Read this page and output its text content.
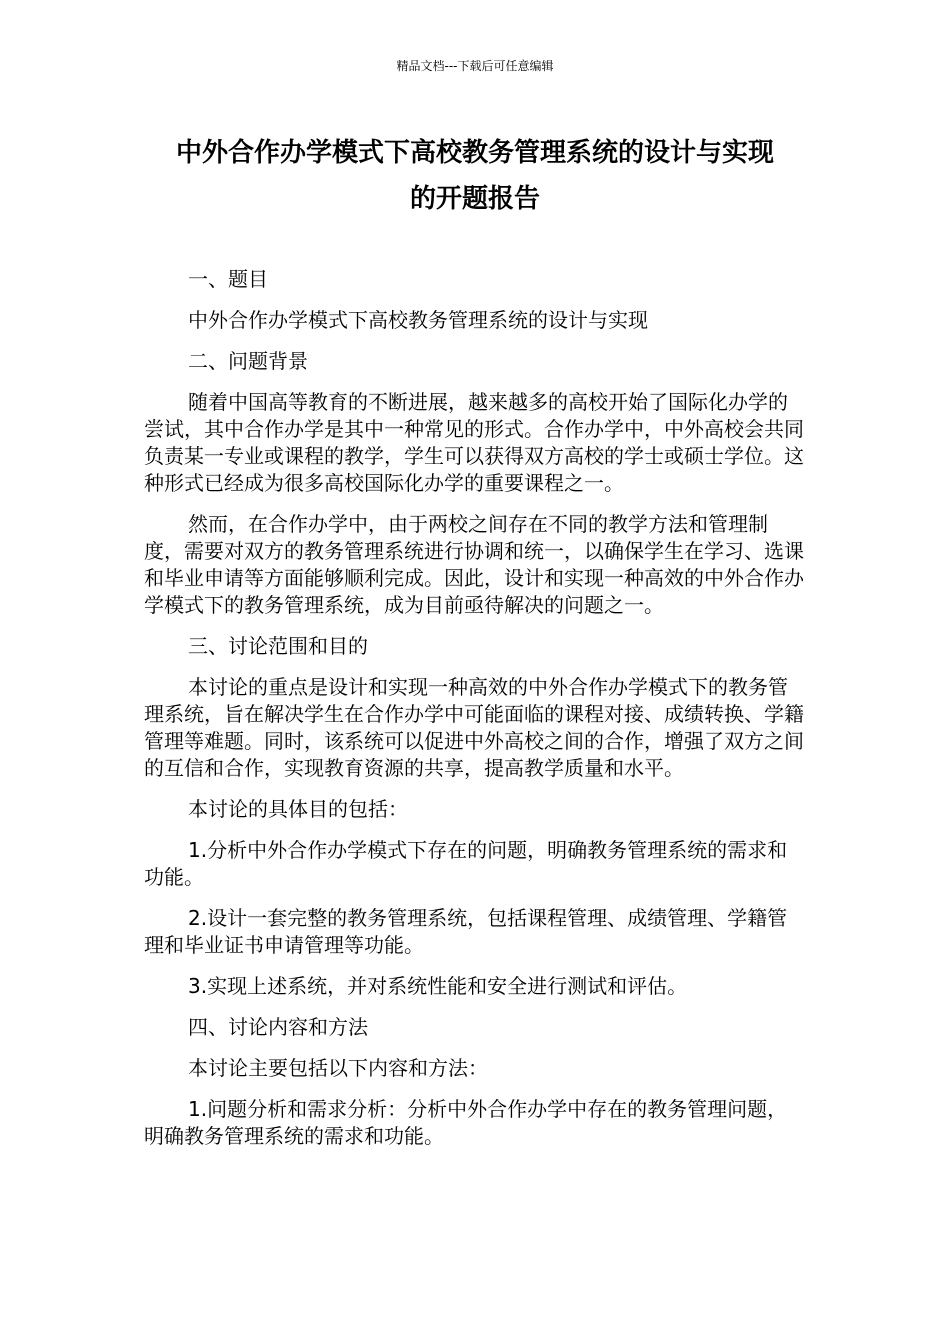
精品文档---下载后可任意编辑
中外合作办学模式下高校教务管理系统的设计与实现
的开题报告

一、题目

中外合作办学模式下高校教务管理系统的设计与实现

二、问题背景

随着中国高等教育的不断进展，越来越多的高校开始了国际化办学的尝试，其中合作办学是其中一种常见的形式。合作办学中，中外高校会共同负责某一专业或课程的教学，学生可以获得双方高校的学士或硕士学位。这种形式已经成为很多高校国际化办学的重要课程之一。

然而，在合作办学中，由于两校之间存在不同的教学方法和管理制度，需要对双方的教务管理系统进行协调和统一，以确保学生在学习、选课和毕业申请等方面能够顺利完成。因此，设计和实现一种高效的中外合作办学模式下的教务管理系统，成为目前亟待解决的问题之一。

三、讨论范围和目的

本讨论的重点是设计和实现一种高效的中外合作办学模式下的教务管理系统，旨在解决学生在合作办学中可能面临的课程对接、成绩转换、学籍管理等难题。同时，该系统可以促进中外高校之间的合作，增强了双方之间的互信和合作，实现教育资源的共享，提高教学质量和水平。

本讨论的具体目的包括：

1.分析中外合作办学模式下存在的问题，明确教务管理系统的需求和功能。

2.设计一套完整的教务管理系统，包括课程管理、成绩管理、学籍管理和毕业证书申请管理等功能。

3.实现上述系统，并对系统性能和安全进行测试和评估。

四、讨论内容和方法

本讨论主要包括以下内容和方法：

1.问题分析和需求分析：分析中外合作办学中存在的教务管理问题，明确教务管理系统的需求和功能。
